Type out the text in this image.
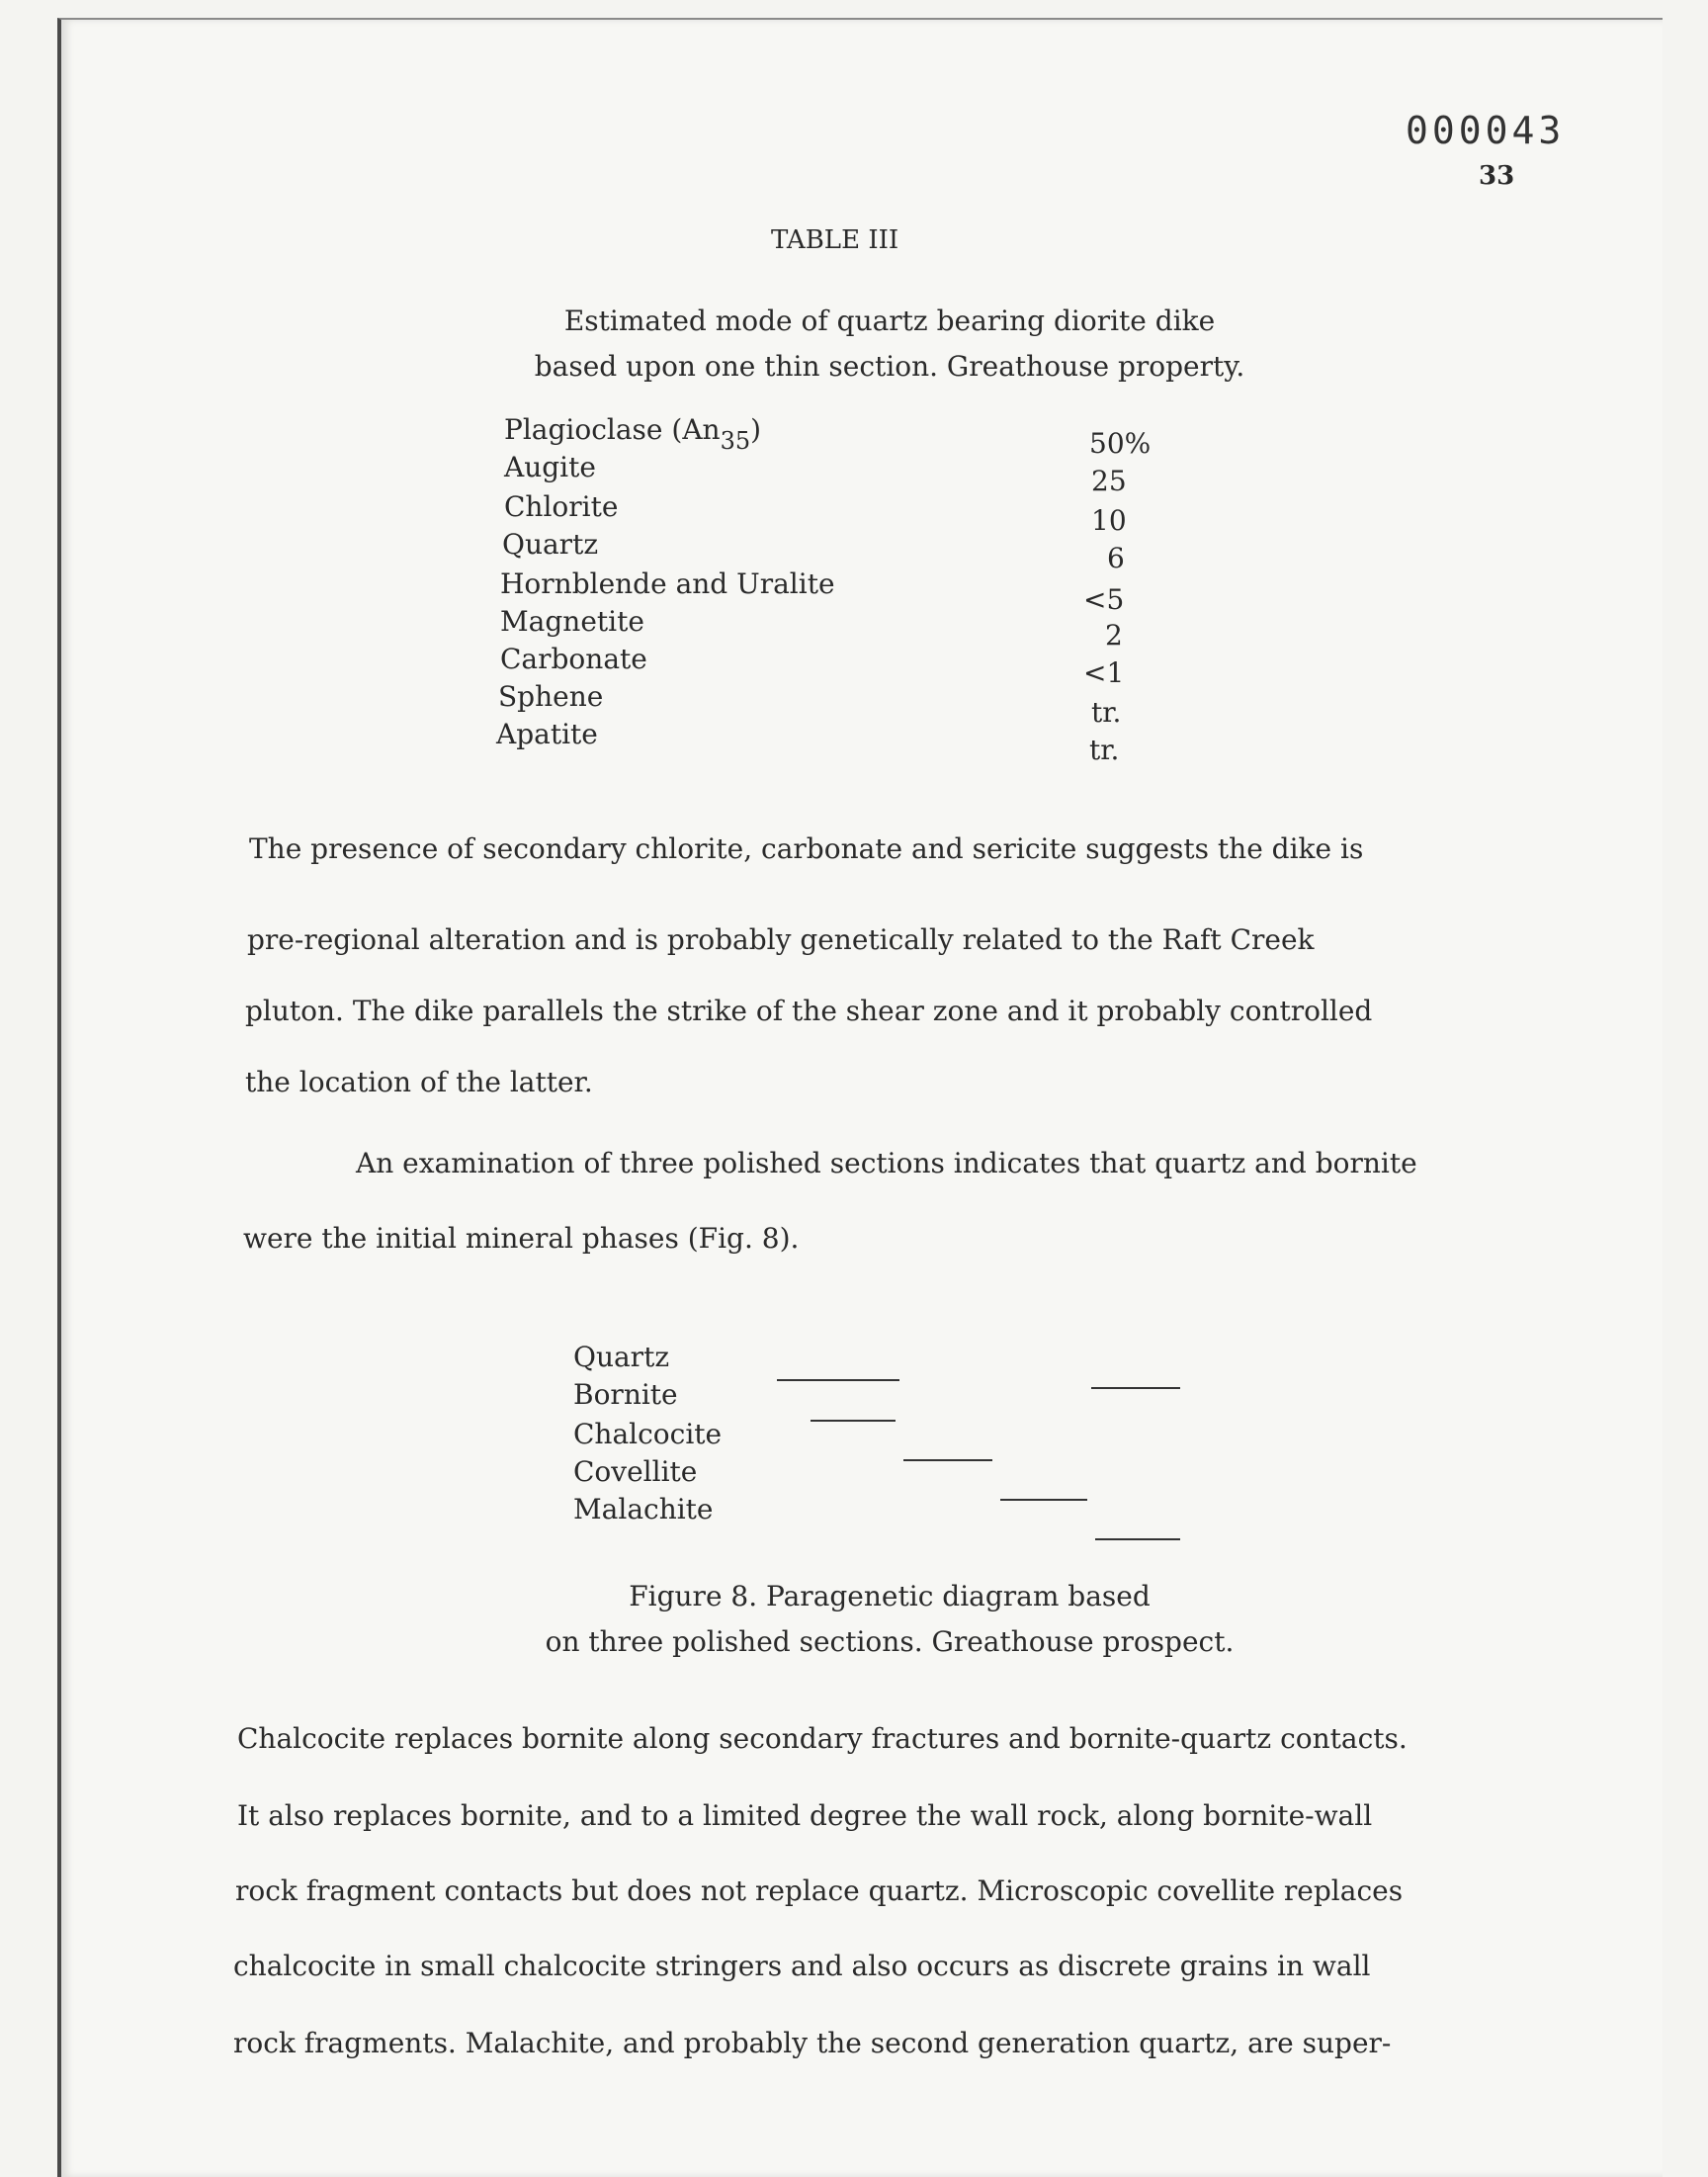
000043
33
TABLE III
Estimated mode of quartz bearing diorite dike
based upon one thin section. Greathouse property.
Plagioclase (An35)	50%
Augite	25
Chlorite	10
Quartz	6
Hornblende and Uralite	<5
Magnetite	2
Carbonate	<1
Sphene	tr.
Apatite	tr.
The presence of secondary chlorite, carbonate and sericite suggests the dike is
pre-regional alteration and is probably genetically related to the Raft Creek
pluton. The dike parallels the strike of the shear zone and it probably controlled
the location of the latter.
An examination of three polished sections indicates that quartz and bornite
were the initial mineral phases (Fig. 8).
Quartz
Bornite
Chalcocite
Covellite
Malachite
Figure 8. Paragenetic diagram based
on three polished sections. Greathouse prospect.
Chalcocite replaces bornite along secondary fractures and bornite-quartz contacts.
It also replaces bornite, and to a limited degree the wall rock, along bornite-wall
rock fragment contacts but does not replace quartz. Microscopic covellite replaces
chalcocite in small chalcocite stringers and also occurs as discrete grains in wall
rock fragments. Malachite, and probably the second generation quartz, are super-
